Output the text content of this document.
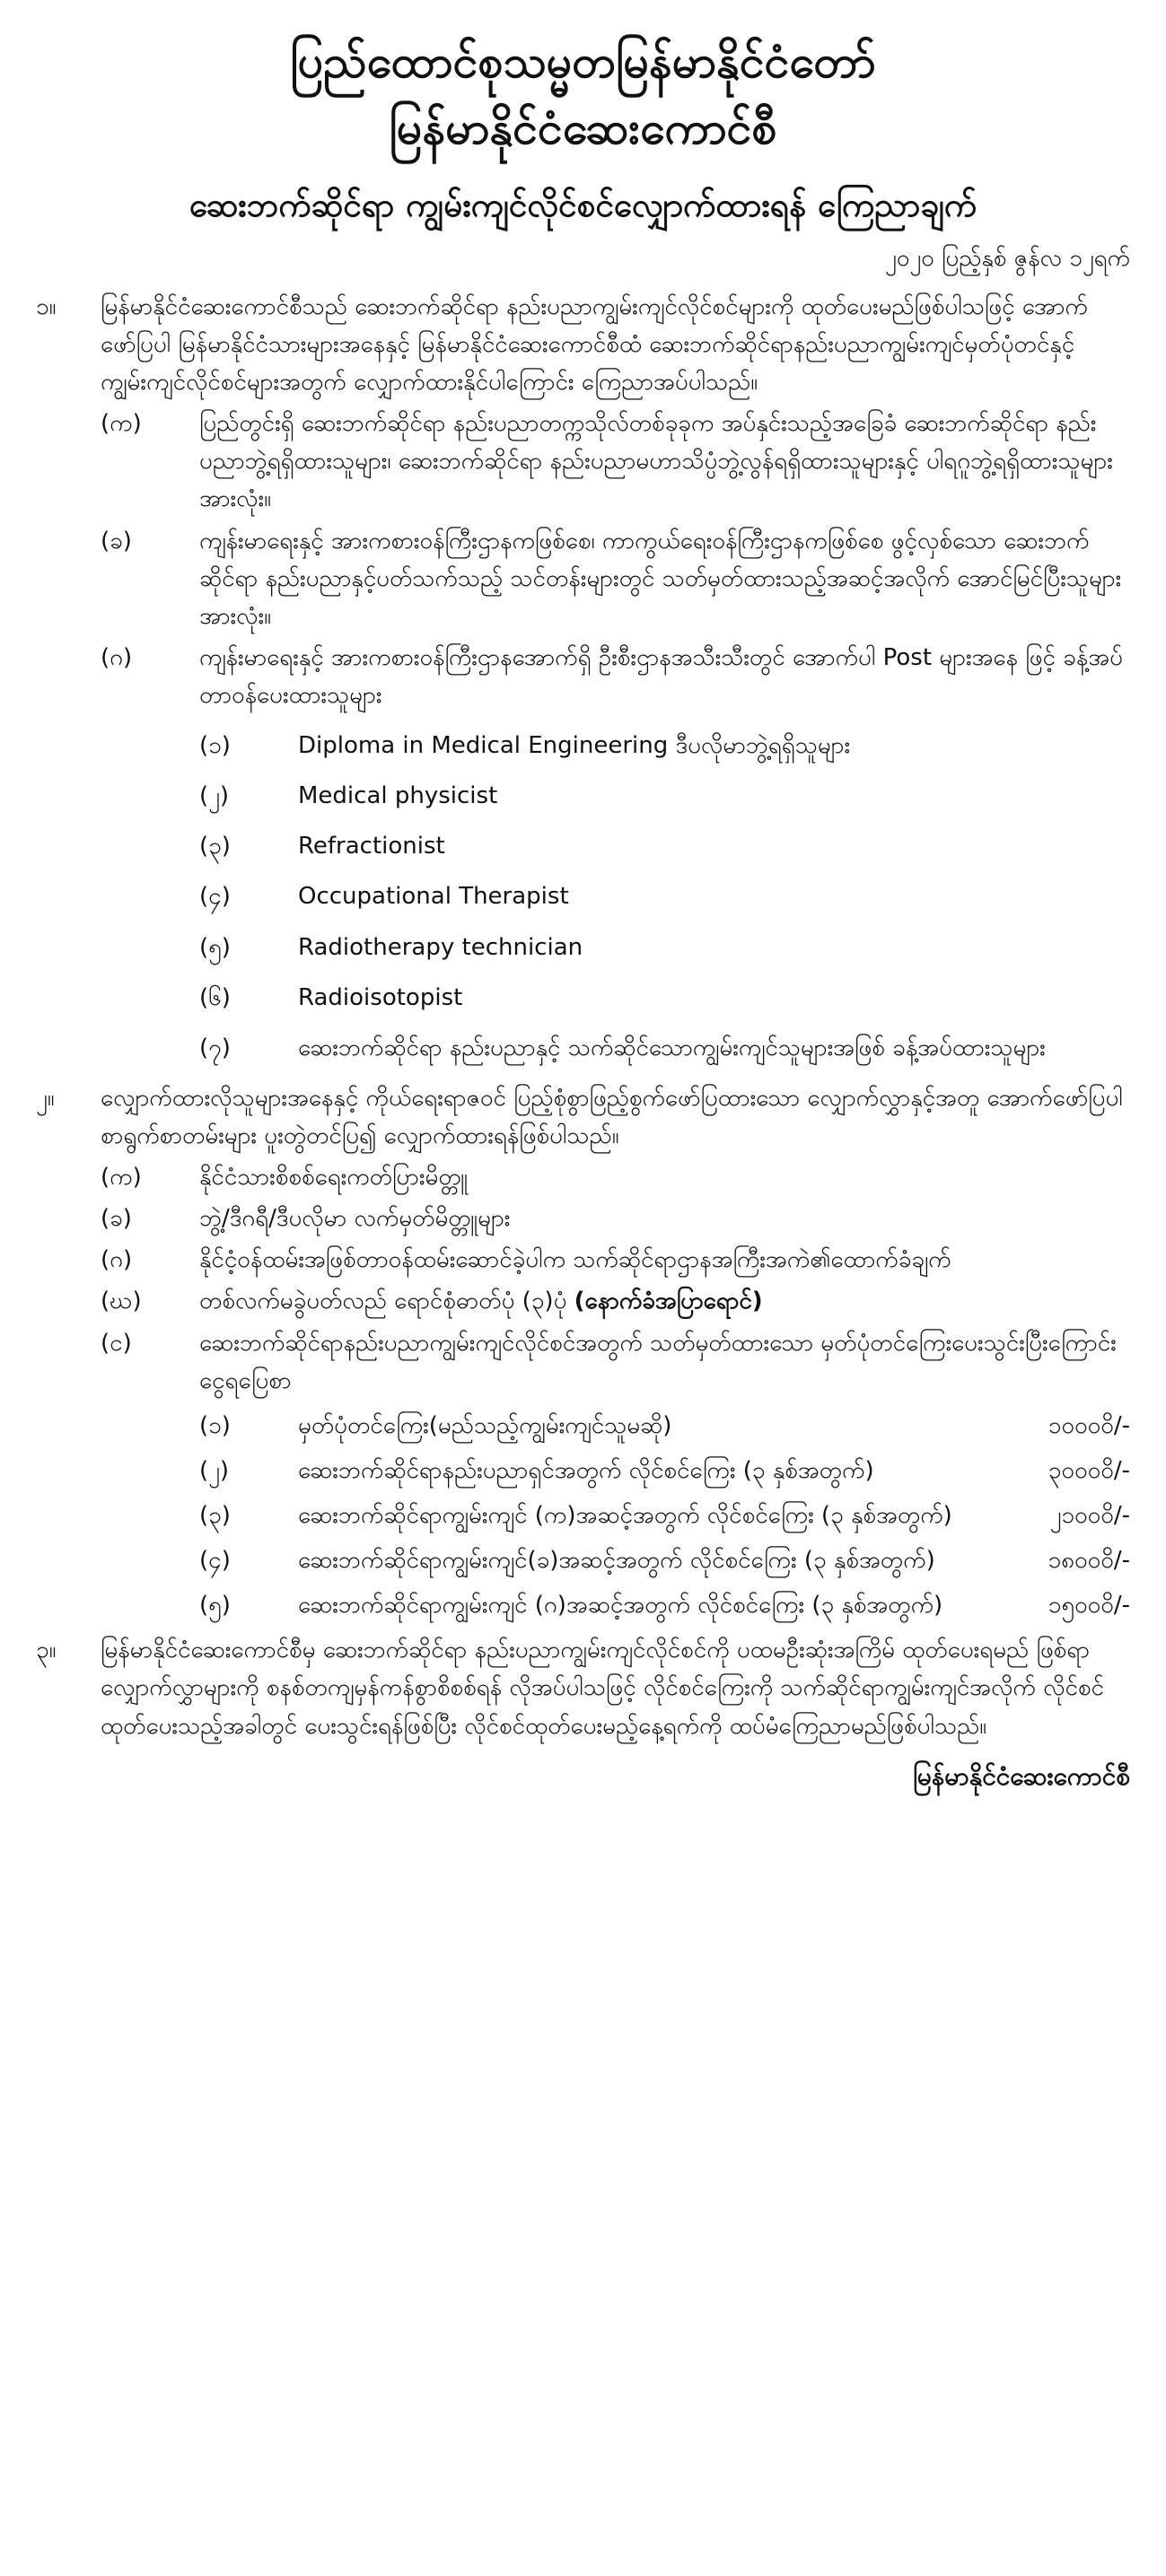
ပြည်ထောင်စုသမ္မတမြန်မာနိုင်ငံတော်
မြန်မာနိုင်ငံဆေးကောင်စီ
ဆေးဘက်ဆိုင်ရာ ကျွမ်းကျင်လိုင်စင်လျှောက်ထားရန် ကြေညာချက်
၂၀၂၀ ပြည့်နှစ် ဇွန်လ ၁၂ရက်
၁။	မြန်မာနိုင်ငံဆေးကောင်စီသည် ဆေးဘက်ဆိုင်ရာ နည်းပညာကျွမ်းကျင်လိုင်စင်များကို ထုတ်ပေးမည်ဖြစ်ပါသဖြင့် အောက်ဖော်ပြပါ မြန်မာနိုင်ငံသားများအနေနှင့် မြန်မာနိုင်ငံဆေးကောင်စီထံ ဆေးဘက်ဆိုင်ရာနည်းပညာကျွမ်းကျင်မှတ်ပုံတင်နှင့် ကျွမ်းကျင်လိုင်စင်များအတွက် လျှောက်ထားနိုင်ပါကြောင်း ကြေညာအပ်ပါသည်။
(က)	ပြည်တွင်းရှိ ဆေးဘက်ဆိုင်ရာ နည်းပညာတက္ကသိုလ်တစ်ခုခုက အပ်နှင်းသည့်အခြေခံ ဆေးဘက်ဆိုင်ရာ နည်းပညာဘွဲ့ရရှိထားသူများ၊ ဆေးဘက်ဆိုင်ရာ နည်းပညာမဟာသိပ္ပံဘွဲ့လွန်ရရှိထားသူများနှင့် ပါရဂူဘွဲ့ရရှိထားသူများအားလုံး။
(ခ)	ကျန်းမာရေးနှင့် အားကစားဝန်ကြီးဌာနကဖြစ်စေ၊ ကာကွယ်ရေးဝန်ကြီးဌာနကဖြစ်စေ ဖွင့်လှစ်သော ဆေးဘက်ဆိုင်ရာ နည်းပညာနှင့်ပတ်သက်သည့် သင်တန်းများတွင် သတ်မှတ်ထားသည့်အဆင့်အလိုက် အောင်မြင်ပြီးသူများအားလုံး။
(ဂ)	ကျန်းမာရေးနှင့် အားကစားဝန်ကြီးဌာနအောက်ရှိ ဦးစီးဌာနအသီးသီးတွင် အောက်ပါ Post များအနေ ဖြင့် ခန့်အပ်တာဝန်ပေးထားသူများ
(၁)	Diploma in Medical Engineering ဒီပလိုမာဘွဲ့ရရှိသူများ
(၂)	Medical physicist
(၃)	Refractionist
(၄)	Occupational Therapist
(၅)	Radiotherapy technician
(၆)	Radioisotopist
(၇)	ဆေးဘက်ဆိုင်ရာ နည်းပညာနှင့် သက်ဆိုင်သောကျွမ်းကျင်သူများအဖြစ် ခန့်အပ်ထားသူများ
၂။	လျှောက်ထားလိုသူများအနေနှင့် ကိုယ်ရေးရာဇဝင် ပြည့်စုံစွာဖြည့်စွက်ဖော်ပြထားသော လျှောက်လွှာနှင့်အတူ အောက်ဖော်ပြပါစာရွက်စာတမ်းများ ပူးတွဲတင်ပြ၍ လျှောက်ထားရန်ဖြစ်ပါသည်။
(က)	နိုင်ငံသားစိစစ်ရေးကတ်ပြားမိတ္တူ
(ခ)	ဘွဲ့/ဒီဂရီ/ဒီပလိုမာ လက်မှတ်မိတ္တူများ
(ဂ)	နိုင်ငံ့ဝန်ထမ်းအဖြစ်တာဝန်ထမ်းဆောင်ခဲ့ပါက သက်ဆိုင်ရာဌာနအကြီးအကဲ၏ထောက်ခံချက်
(ဃ)	တစ်လက်မခွဲပတ်လည် ရောင်စုံဓာတ်ပုံ (၃)ပုံ (နောက်ခံအပြာရောင်)
(င)	ဆေးဘက်ဆိုင်ရာနည်းပညာကျွမ်းကျင်လိုင်စင်အတွက် သတ်မှတ်ထားသော မှတ်ပုံတင်ကြေးပေးသွင်းပြီးကြောင်း ငွေရပြေစာ
(၁)	မှတ်ပုံတင်ကြေး(မည်သည့်ကျွမ်းကျင်သူမဆို)	၁၀၀၀၀ိ/-
(၂)	ဆေးဘက်ဆိုင်ရာနည်းပညာရှင်အတွက် လိုင်စင်ကြေး (၃ နှစ်အတွက်)	၃၀၀၀၀ိ/-
(၃)	ဆေးဘက်ဆိုင်ရာကျွမ်းကျင် (က)အဆင့်အတွက် လိုင်စင်ကြေး (၃ နှစ်အတွက်)	၂၁၀၀၀ိ/-
(၄)	ဆေးဘက်ဆိုင်ရာကျွမ်းကျင်(ခ)အဆင့်အတွက် လိုင်စင်ကြေး (၃ နှစ်အတွက်)	၁၈၀၀၀ိ/-
(၅)	ဆေးဘက်ဆိုင်ရာကျွမ်းကျင် (ဂ)အဆင့်အတွက် လိုင်စင်ကြေး (၃ နှစ်အတွက်)	၁၅၀၀၀ိ/-
၃။	မြန်မာနိုင်ငံဆေးကောင်စီမှ ဆေးဘက်ဆိုင်ရာ နည်းပညာကျွမ်းကျင်လိုင်စင်ကို ပထမဦးဆုံးအကြိမ် ထုတ်ပေးရမည် ဖြစ်ရာ လျှောက်လွှာများကို စနစ်တကျမှန်ကန်စွာစိစစ်ရန် လိုအပ်ပါသဖြင့် လိုင်စင်ကြေးကို သက်ဆိုင်ရာကျွမ်းကျင်အလိုက် လိုင်စင် ထုတ်ပေးသည့်အခါတွင် ပေးသွင်းရန်ဖြစ်ပြီး လိုင်စင်ထုတ်ပေးမည့်နေ့ရက်ကို ထပ်မံကြေညာမည်ဖြစ်ပါသည်။
မြန်မာနိုင်ငံဆေးကောင်စီ
